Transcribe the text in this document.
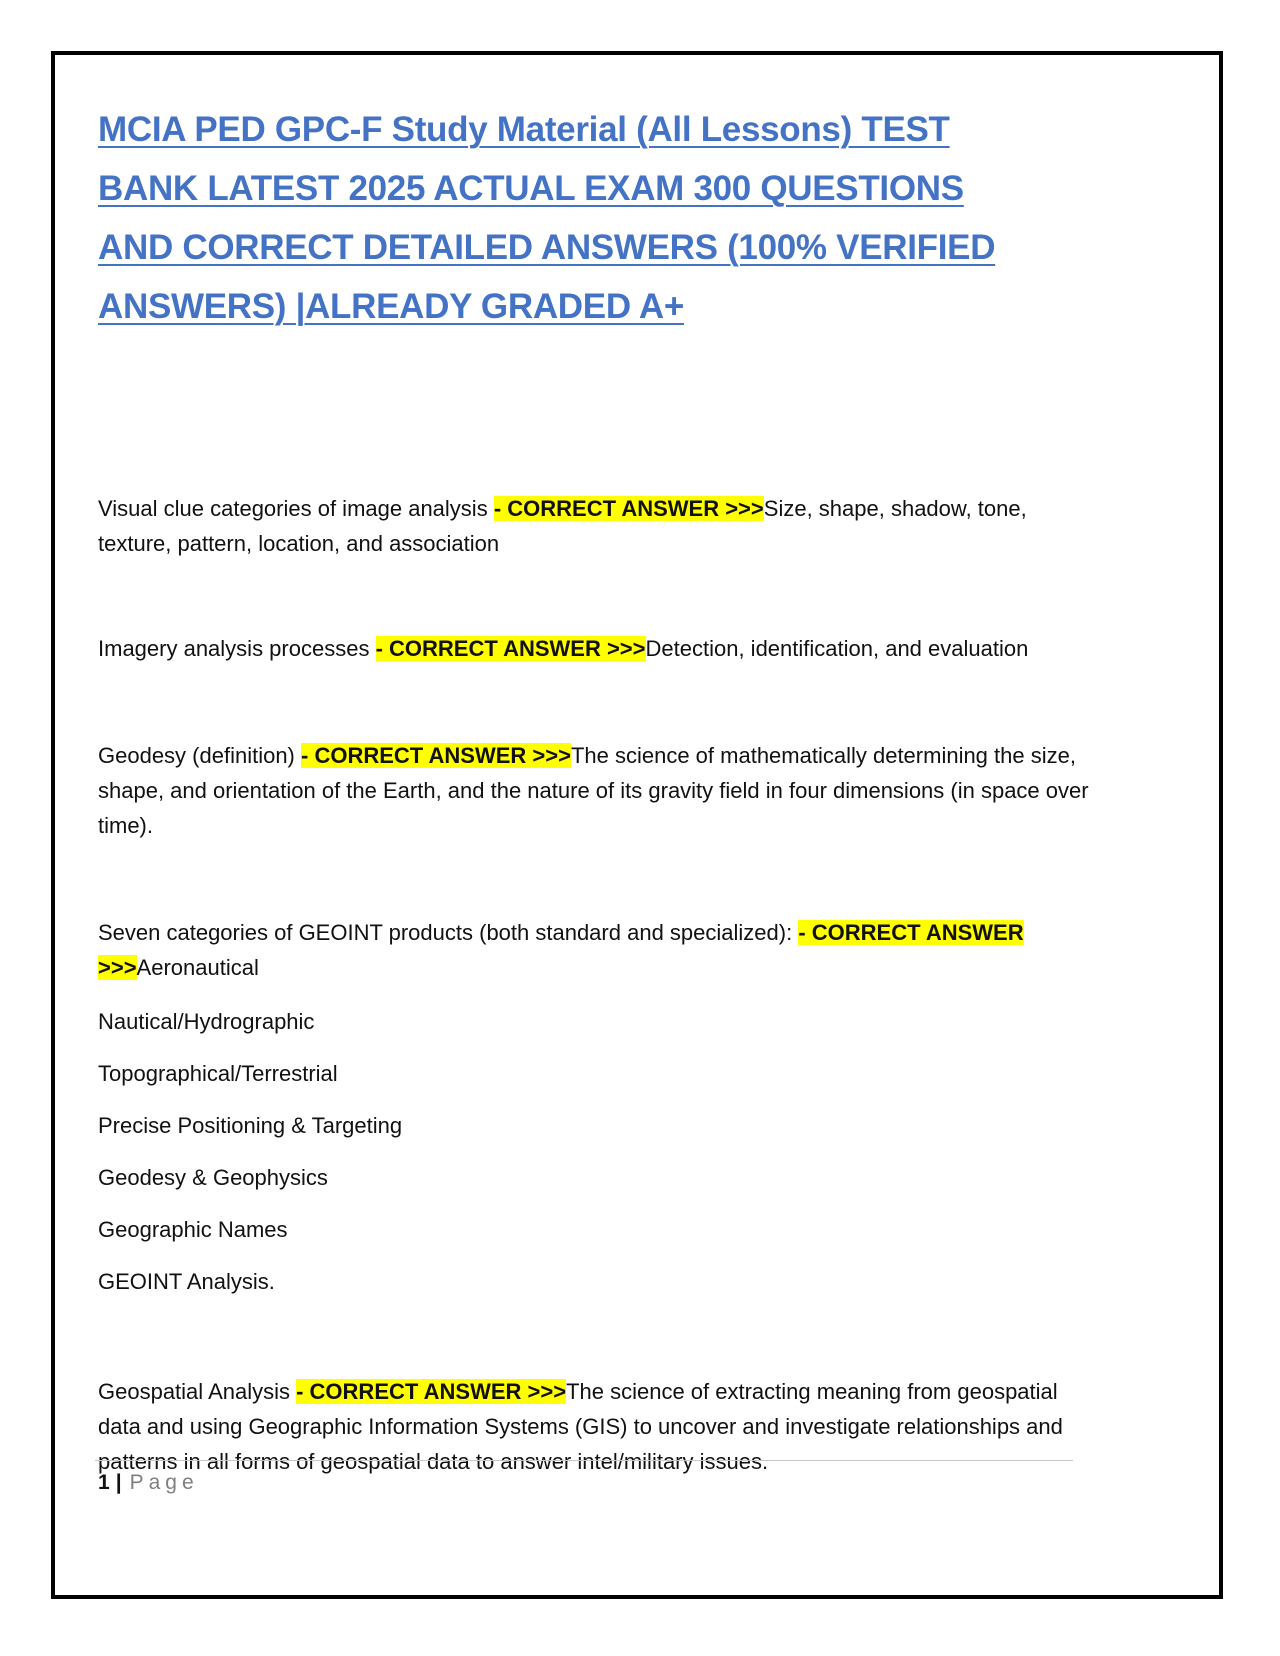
MCIA PED GPC-F Study Material (All Lessons) TEST BANK LATEST 2025 ACTUAL EXAM 300 QUESTIONS AND CORRECT DETAILED ANSWERS (100% VERIFIED ANSWERS) |ALREADY GRADED A+

Visual clue categories of image analysis - CORRECT ANSWER >>>Size, shape, shadow, tone, texture, pattern, location, and association

Imagery analysis processes - CORRECT ANSWER >>>Detection, identification, and evaluation

Geodesy (definition) - CORRECT ANSWER >>>The science of mathematically determining the size, shape, and orientation of the Earth, and the nature of its gravity field in four dimensions (in space over time).

Seven categories of GEOINT products (both standard and specialized): - CORRECT ANSWER >>>Aeronautical

Nautical/Hydrographic

Topographical/Terrestrial

Precise Positioning & Targeting

Geodesy & Geophysics

Geographic Names

GEOINT Analysis.

Geospatial Analysis - CORRECT ANSWER >>>The science of extracting meaning from geospatial data and using Geographic Information Systems (GIS) to uncover and investigate relationships and patterns in all forms of geospatial data to answer intel/military issues.

1 | Page
